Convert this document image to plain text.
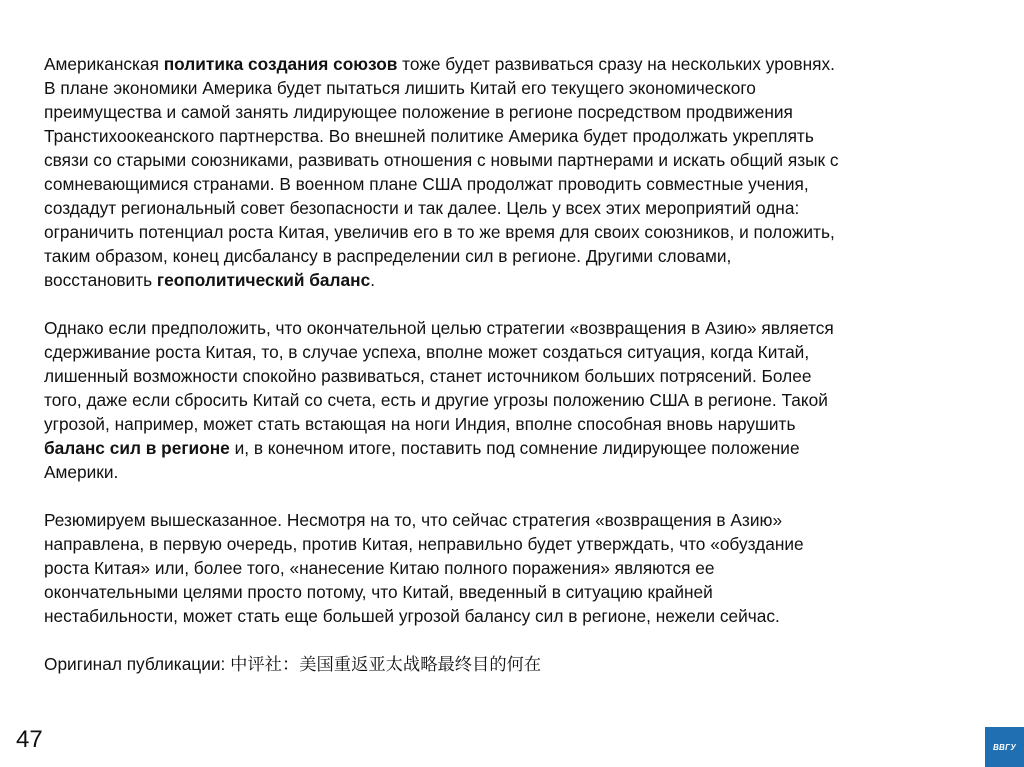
Американская политика создания союзов тоже будет развиваться сразу на нескольких уровнях.
В плане экономики Америка будет пытаться лишить Китай его текущего экономического
преимущества и самой занять лидирующее положение в регионе посредством продвижения
Транстихоокеанского партнерства. Во внешней политике Америка будет продолжать укреплять
связи со старыми союзниками, развивать отношения с новыми партнерами и искать общий язык с
сомневающимися странами. В военном плане США продолжат проводить совместные учения,
создадут региональный совет безопасности и так далее. Цель у всех этих мероприятий одна:
ограничить потенциал роста Китая, увеличив его в то же время для своих союзников, и положить,
таким образом, конец дисбалансу в распределении сил в регионе. Другими словами,
восстановить геополитический баланс.

Однако если предположить, что окончательной целью стратегии «возвращения в Азию» является
сдерживание роста Китая, то, в случае успеха, вполне может создаться ситуация, когда Китай,
лишенный возможности спокойно развиваться, станет источником больших потрясений. Более
того, даже если сбросить Китай со счета, есть и другие угрозы положению США в регионе. Такой
угрозой, например, может стать встающая на ноги Индия, вполне способная вновь нарушить
баланс сил в регионе и, в конечном итоге, поставить под сомнение лидирующее положение
Америки.

Резюмируем вышесказанное. Несмотря на то, что сейчас стратегия «возвращения в Азию»
направлена, в первую очередь, против Китая, неправильно будет утверждать, что «обуздание
роста Китая» или, более того, «нанесение Китаю полного поражения» являются ее
окончательными целями просто потому, что Китай, введенный в ситуацию крайней
нестабильности, может стать еще большей угрозой балансу сил в регионе, нежели сейчас.

Оригинал публикации: 中评社：美国重返亚太战略最终目的何在

47	ВВГУ
